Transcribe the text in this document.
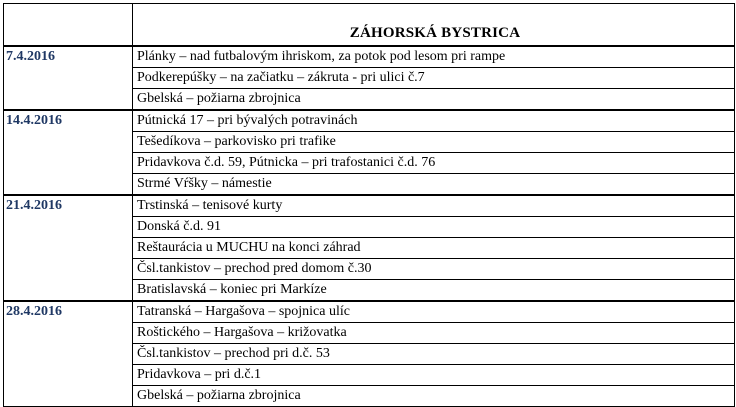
	ZÁHORSKÁ BYSTRICA
7.4.2016	Plánky – nad futbalovým ihriskom, za potok pod lesom pri rampe
	Podkerepúšky – na začiatku – zákruta - pri ulici č.7
	Gbelská – požiarna zbrojnica
14.4.2016	Pútnická 17 – pri bývalých potravinách
	Tešedíkova – parkovisko pri trafike
	Pridavkova č.d. 59, Pútnicka – pri trafostanici č.d. 76
	Strmé Vŕšky – námestie
21.4.2016	Trstinská – tenisové kurty
	Donská č.d. 91
	Reštaurácia u MUCHU na konci záhrad
	Čsl.tankistov – prechod pred domom č.30
	Bratislavská – koniec pri Markíze
28.4.2016	Tatranská – Hargašova – spojnica ulíc
	Roštického – Hargašova – križovatka
	Čsl.tankistov – prechod pri d.č. 53
	Pridavkova – pri d.č.1
	Gbelská – požiarna zbrojnica
